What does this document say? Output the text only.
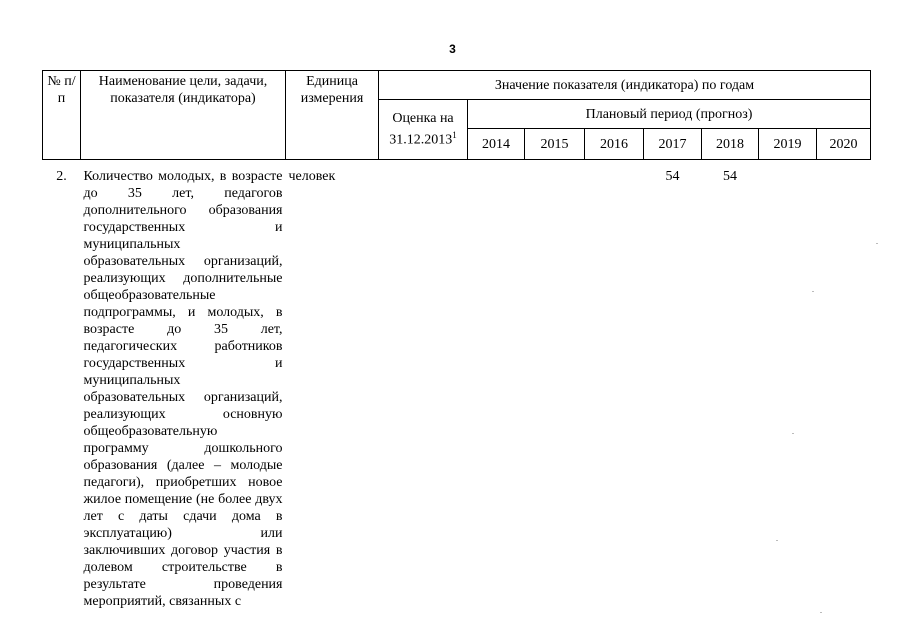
3
№ п/п	Наименование цели, задачи, показателя (индикатора)	Единица измерения	Значение показателя (индикатора) по годам							
			Оценка на 31.12.2013$^1$	Плановый период (прогноз)						
				2014	2015	2016	2017	2018	2019	2020
2.	Количество молодых, в возрасте до 35 лет, педагогов дополнительного образования государственных и муниципальных образовательных организаций, реализующих дополнительные общеобразовательные подпрограммы, и молодых, в возрасте до 35 лет, педагогических работников государственных и муниципальных образовательных организаций, реализующих основную общеобразовательную программу дошкольного образования (далее – молодые педагоги), приобретших новое жилое помещение (не более двух лет с даты сдачи дома в эксплуатацию) или заключивших договор участия в долевом строительстве в результате проведения мероприятий, связанных с	человек					54	54		
